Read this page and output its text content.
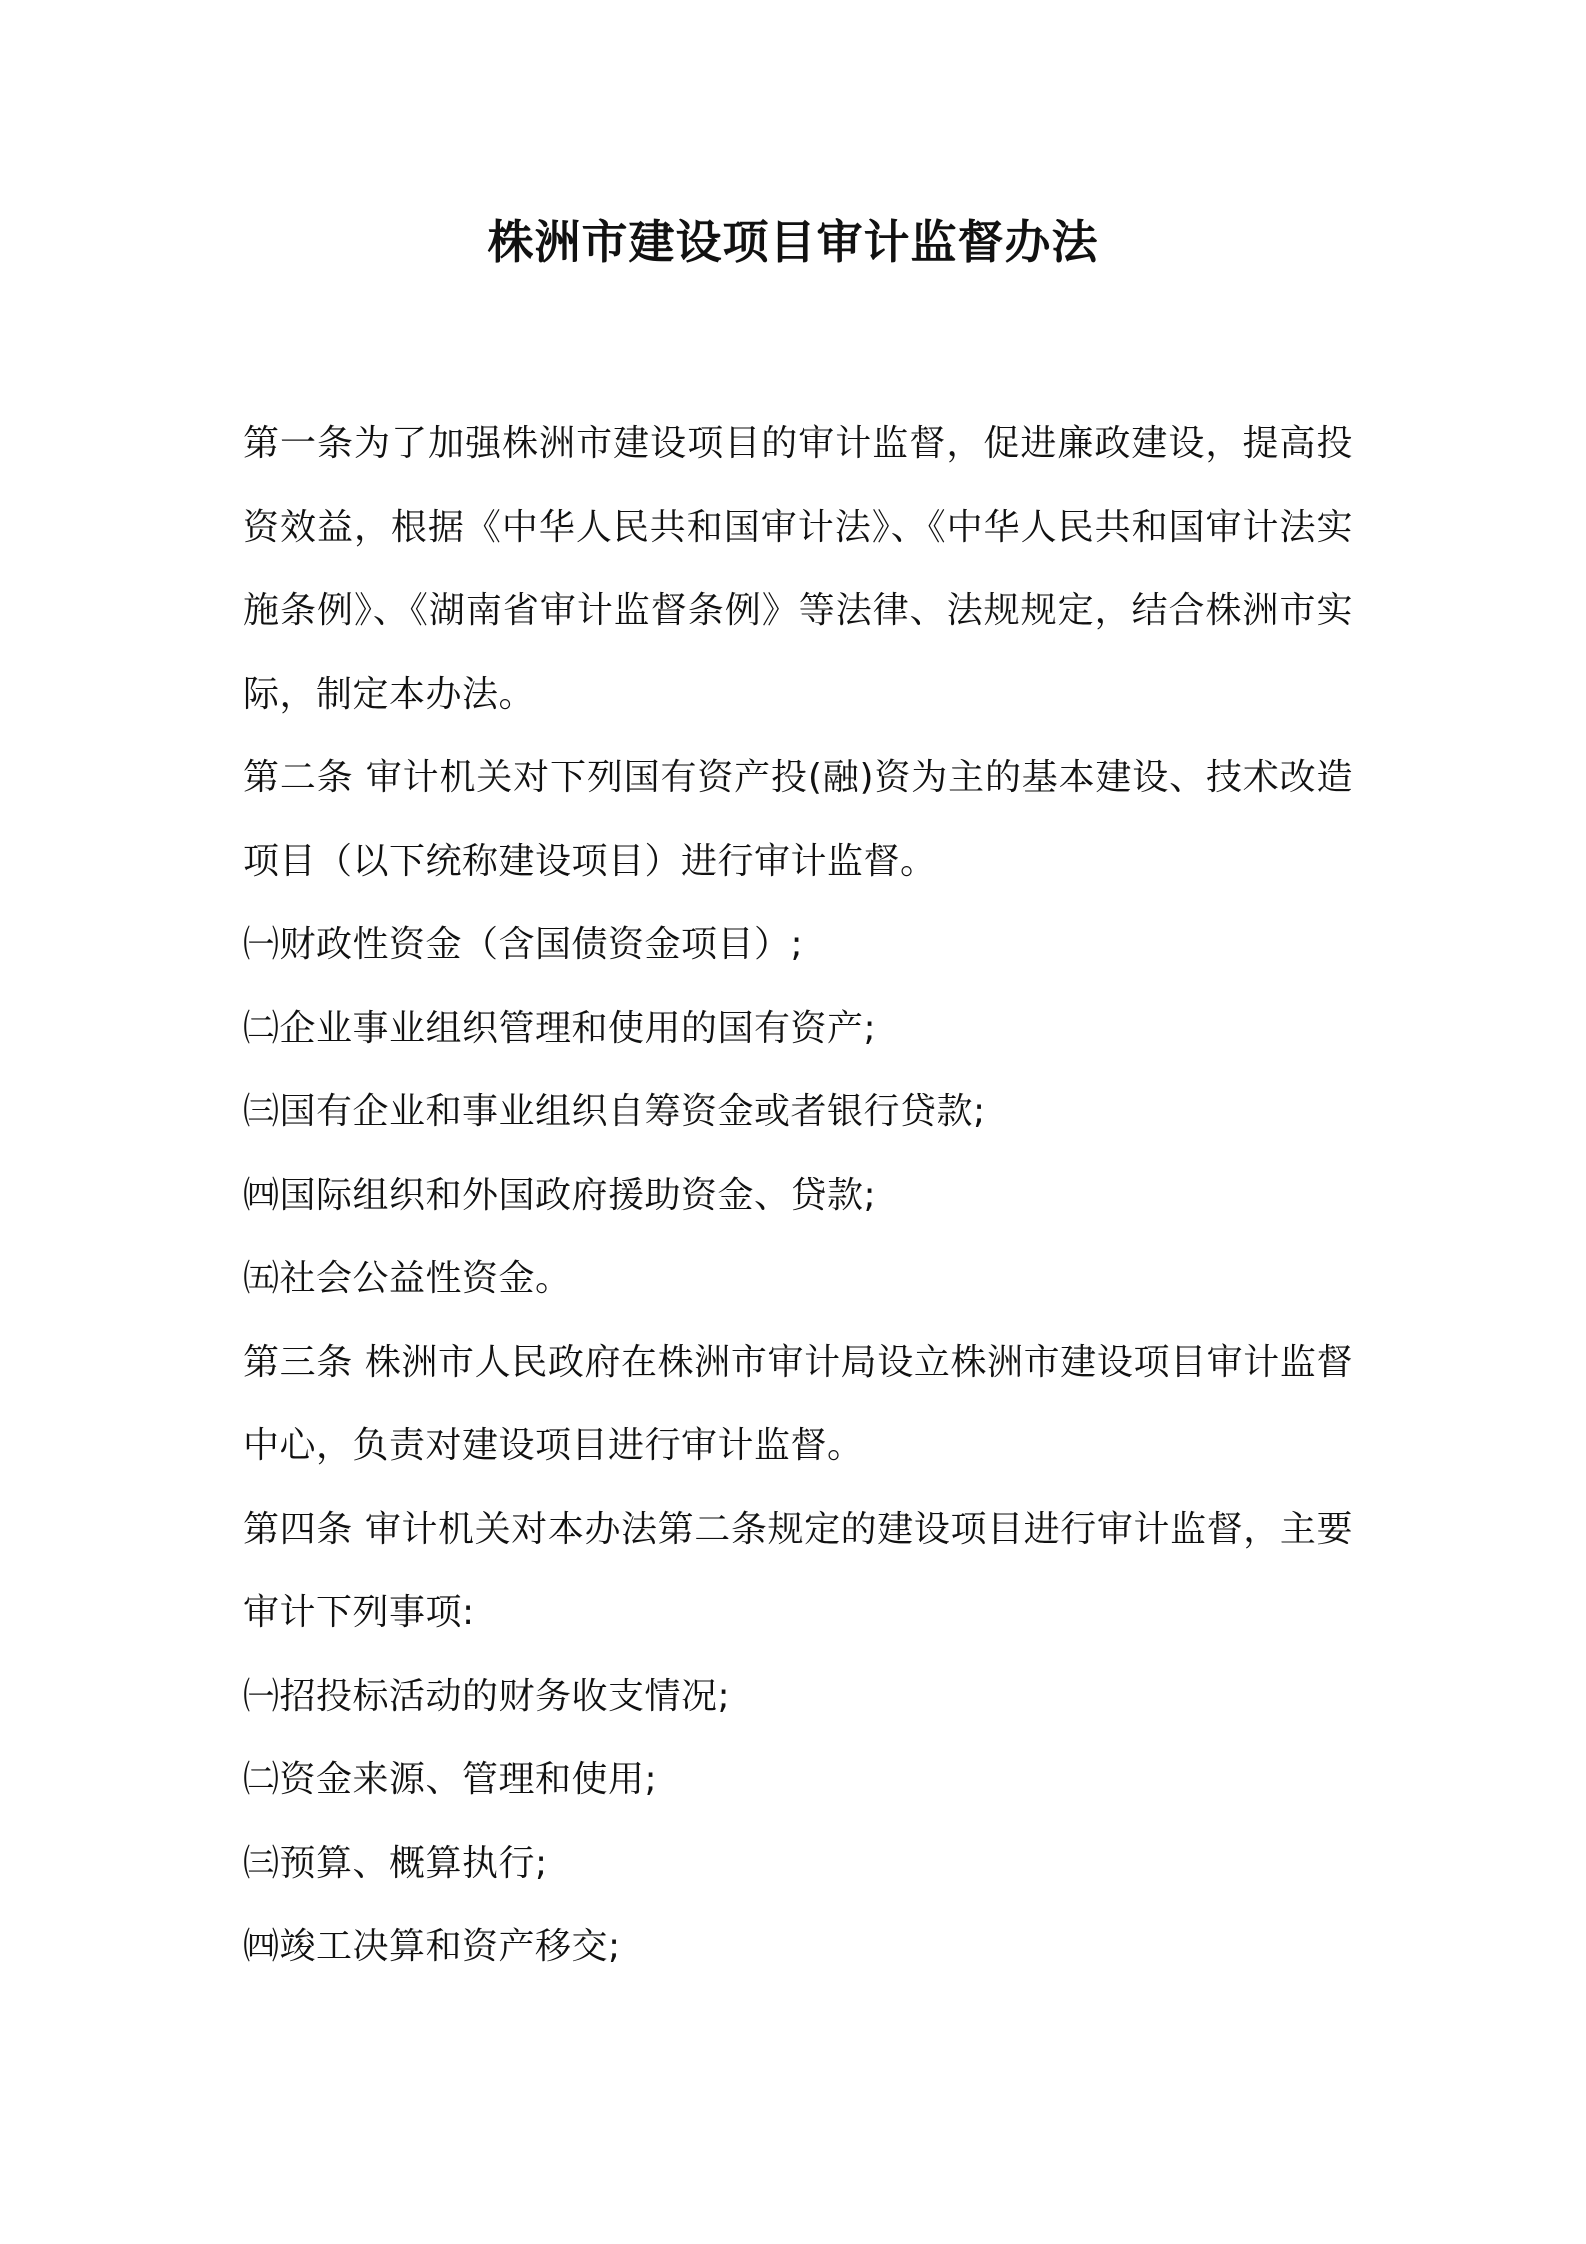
株洲市建设项目审计监督办法

第一条为了加强株洲市建设项目的审计监督，促进廉政建设，提高投资效益，根据《中华人民共和国审计法》、《中华人民共和国审计法实施条例》、《湖南省审计监督条例》等法律、法规规定，结合株洲市实际，制定本办法。

第二条 审计机关对下列国有资产投(融)资为主的基本建设、技术改造项目（以下统称建设项目）进行审计监督。

㈠财政性资金（含国债资金项目）;

㈡企业事业组织管理和使用的国有资产;

㈢国有企业和事业组织自筹资金或者银行贷款;

㈣国际组织和外国政府援助资金、贷款;

㈤社会公益性资金。

第三条 株洲市人民政府在株洲市审计局设立株洲市建设项目审计监督中心，负责对建设项目进行审计监督。

第四条 审计机关对本办法第二条规定的建设项目进行审计监督，主要审计下列事项:

㈠招投标活动的财务收支情况;

㈡资金来源、管理和使用;

㈢预算、概算执行;

㈣竣工决算和资产移交;
